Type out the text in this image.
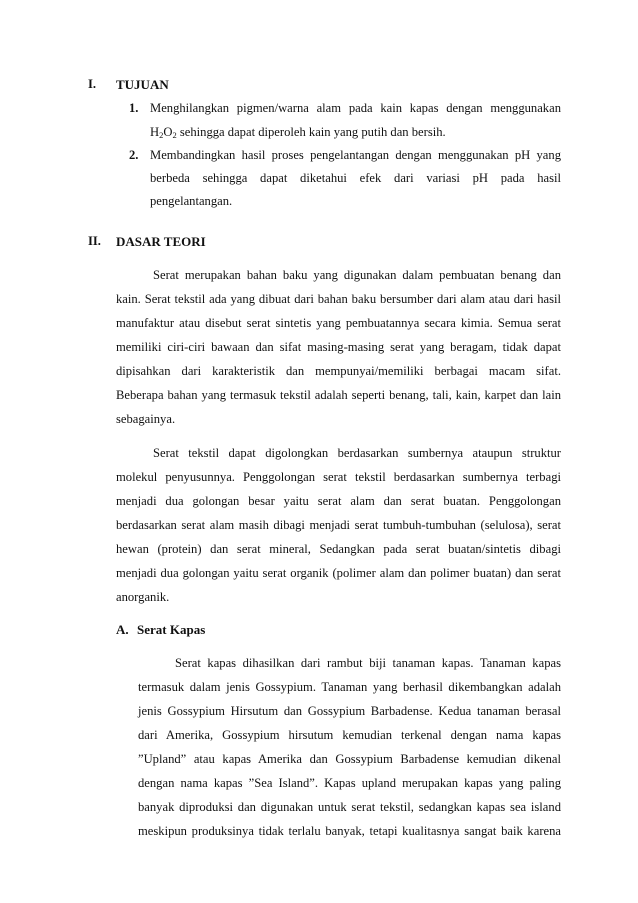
I. TUJUAN
1. Menghilangkan pigmen/warna alam pada kain kapas dengan menggunakan
$H_2O_2$ sehingga dapat diperoleh kain yang putih dan bersih.
2. Membandingkan hasil proses pengelantangan dengan menggunakan pH yang
berbeda sehingga dapat diketahui efek dari variasi pH pada hasil
pengelantangan.
II. DASAR TEORI
Serat merupakan bahan baku yang digunakan dalam pembuatan benang dan
kain. Serat tekstil ada yang dibuat dari bahan baku bersumber dari alam atau dari hasil
manufaktur atau disebut serat sintetis yang pembuatannya secara kimia. Semua serat
memiliki ciri-ciri bawaan dan sifat masing-masing serat yang beragam, tidak dapat
dipisahkan dari karakteristik dan mempunyai/memiliki berbagai macam sifat.
Beberapa bahan yang termasuk tekstil adalah seperti benang, tali, kain, karpet dan lain
sebagainya.
Serat tekstil dapat digolongkan berdasarkan sumbernya ataupun struktur
molekul penyusunnya. Penggolongan serat tekstil berdasarkan sumbernya terbagi
menjadi dua golongan besar yaitu serat alam dan serat buatan. Penggolongan
berdasarkan serat alam masih dibagi menjadi serat tumbuh-tumbuhan (selulosa), serat
hewan (protein) dan serat mineral, Sedangkan pada serat buatan/sintetis dibagi
menjadi dua golongan yaitu serat organik (polimer alam dan polimer buatan) dan serat
anorganik.
A. Serat Kapas
Serat kapas dihasilkan dari rambut biji tanaman kapas. Tanaman kapas
termasuk dalam jenis Gossypium. Tanaman yang berhasil dikembangkan adalah
jenis Gossypium Hirsutum dan Gossypium Barbadense. Kedua tanaman berasal
dari Amerika, Gossypium hirsutum kemudian terkenal dengan nama kapas
”Upland” atau kapas Amerika dan Gossypium Barbadense kemudian dikenal
dengan nama kapas ”Sea Island”. Kapas upland merupakan kapas yang paling
banyak diproduksi dan digunakan untuk serat tekstil, sedangkan kapas sea island
meskipun produksinya tidak terlalu banyak, tetapi kualitasnya sangat baik karena
